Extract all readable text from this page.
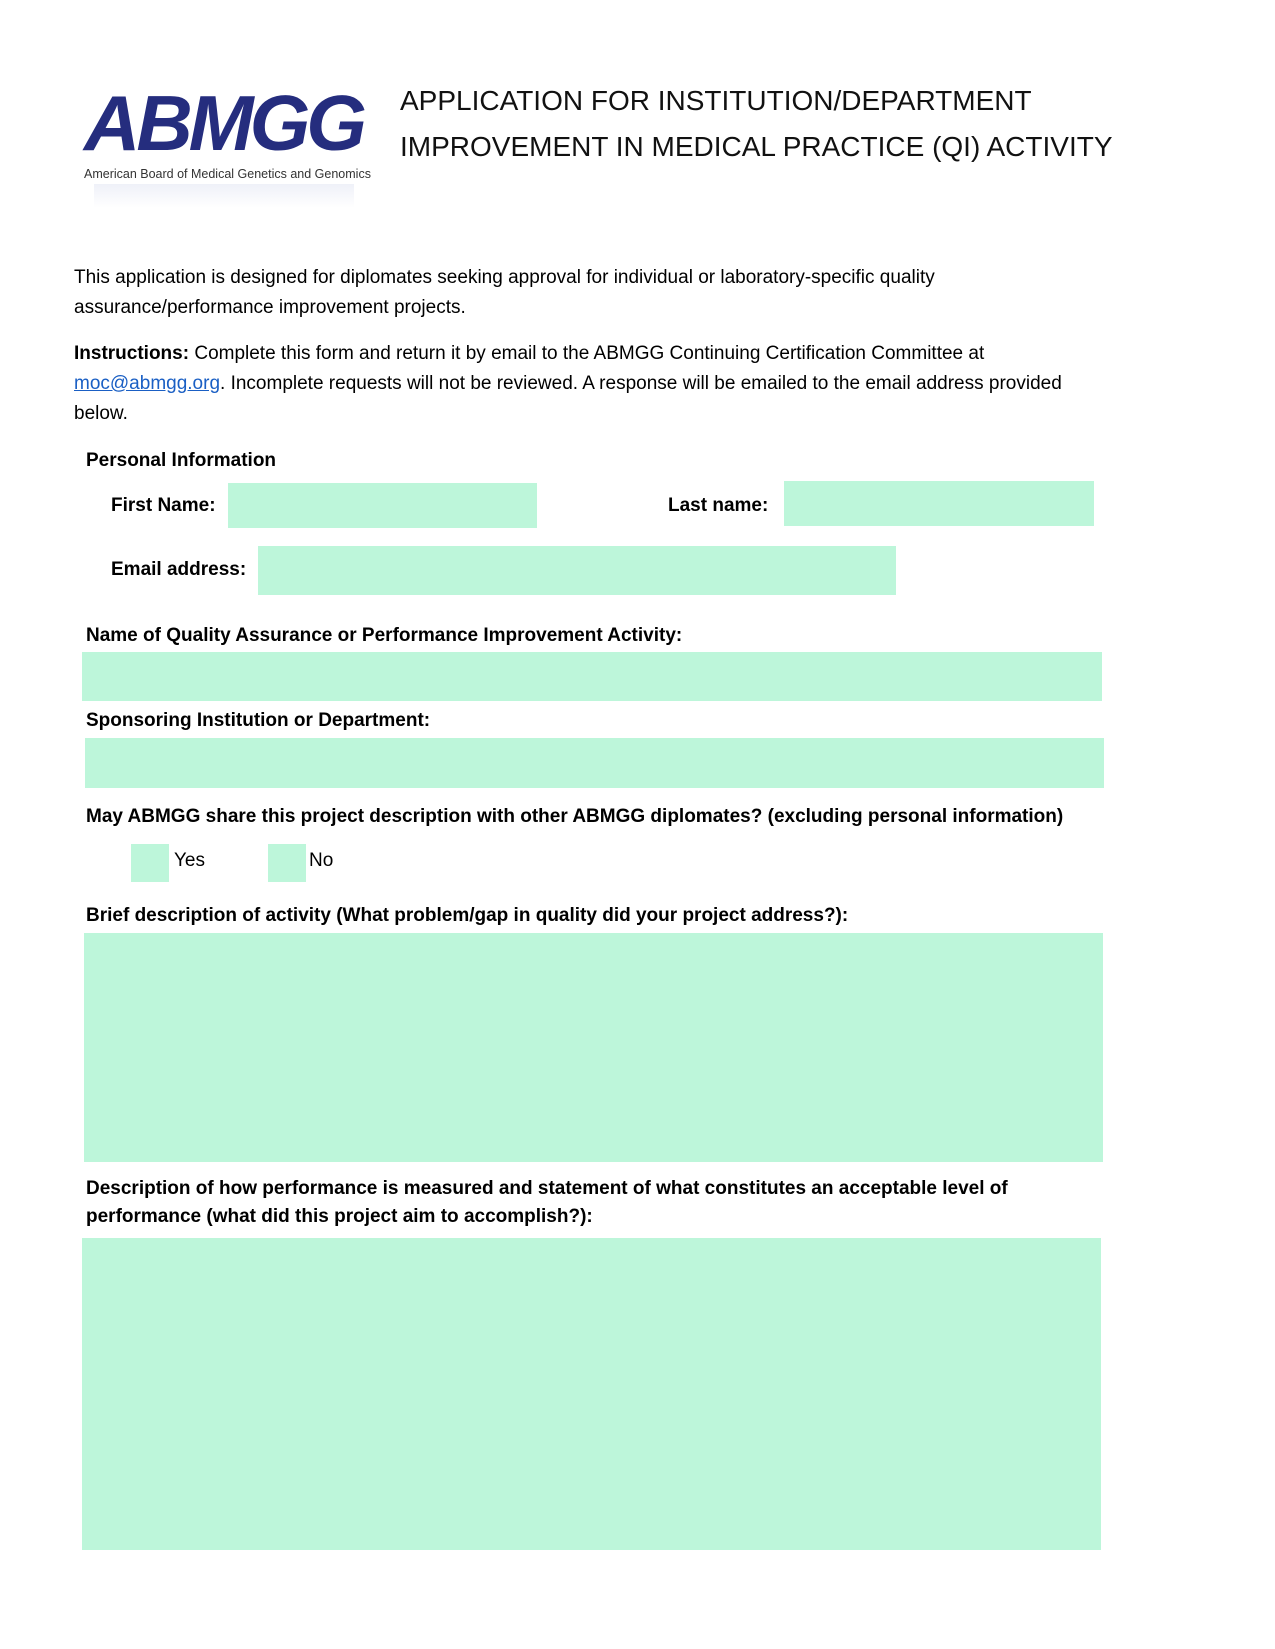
ABMGG
American Board of Medical Genetics and Genomics
APPLICATION FOR INSTITUTION/DEPARTMENT
IMPROVEMENT IN MEDICAL PRACTICE (QI) ACTIVITY
This application is designed for diplomates seeking approval for individual or laboratory-specific quality assurance/performance improvement projects.
Instructions: Complete this form and return it by email to the ABMGG Continuing Certification Committee at moc@abmgg.org. Incomplete requests will not be reviewed. A response will be emailed to the email address provided below.
Personal Information
First Name:	Last name:
Email address:
Name of Quality Assurance or Performance Improvement Activity:
Sponsoring Institution or Department:
May ABMGG share this project description with other ABMGG diplomates? (excluding personal information)
Yes	No
Brief description of activity (What problem/gap in quality did your project address?):
Description of how performance is measured and statement of what constitutes an acceptable level of performance (what did this project aim to accomplish?):
